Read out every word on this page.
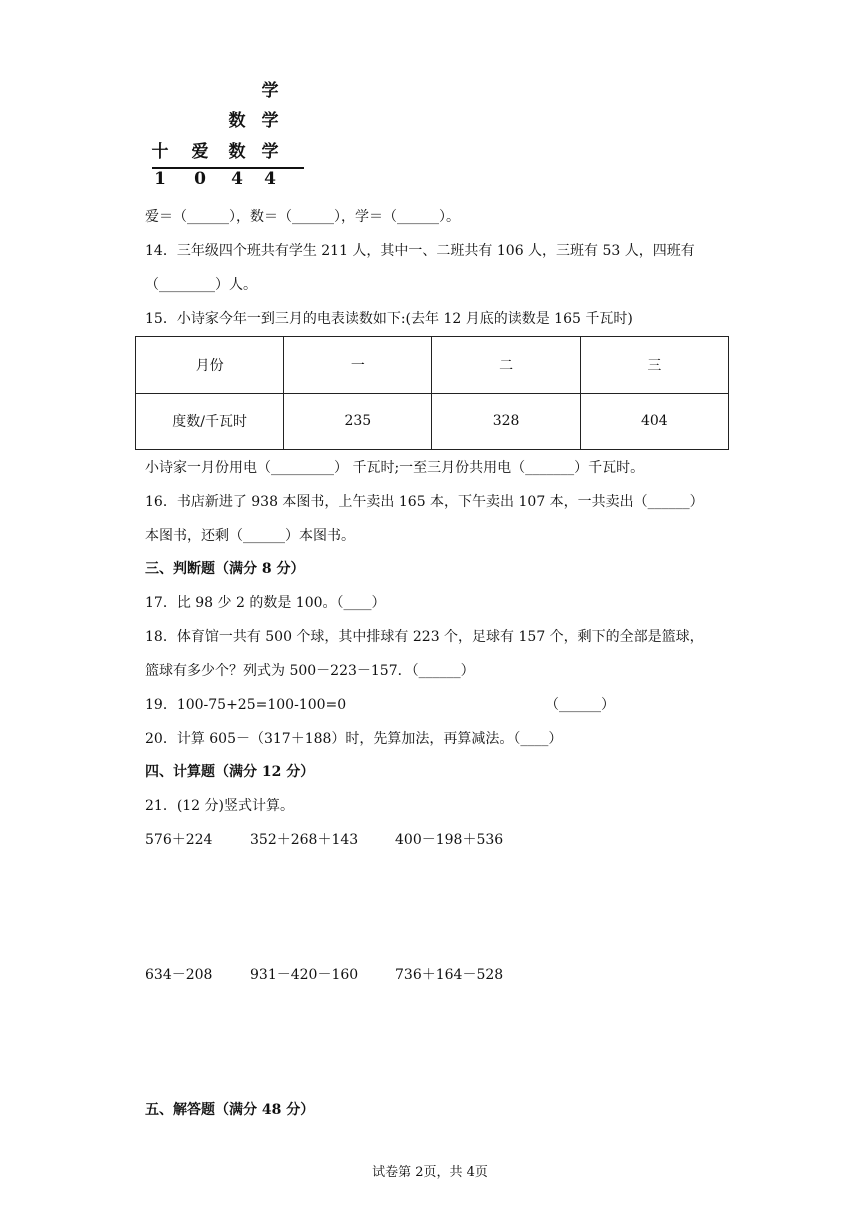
学
数 学
十 爱 数 学
1 0 4 4
爱＝（______），数＝（______），学＝（______）。
14．三年级四个班共有学生 211 人，其中一、二班共有 106 人，三班有 53 人，四班有
（________）人。
15．小诗家今年一到三月的电表读数如下:(去年 12 月底的读数是 165 千瓦时)
月份	一	二	三
度数/千瓦时	235	328	404
小诗家一月份用电（_________） 千瓦时;一至三月份共用电（_______）千瓦时。
16．书店新进了 938 本图书，上午卖出 165 本，下午卖出 107 本，一共卖出（______）
本图书，还剩（______）本图书。
三、判断题（满分 8 分）
17．比 98 少 2 的数是 100。（____）
18．体育馆一共有 500 个球，其中排球有 223 个，足球有 157 个，剩下的全部是篮球，
篮球有多少个？列式为 500－223－157．（______）
19．100-75+25=100-100=0	（______）
20．计算 605－（317＋188）时，先算加法，再算减法。（____）
四、计算题（满分 12 分）
21．(12 分)竖式计算。
576＋224	352＋268＋143	400－198＋536
634－208	931－420－160	736＋164－528
五、解答题（满分 48 分）
试卷第 2页，共 4页
